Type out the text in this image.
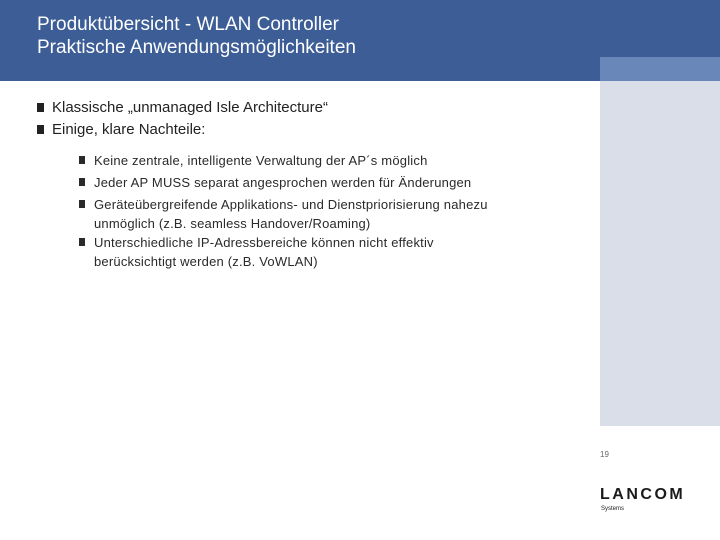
Produktübersicht - WLAN Controller
Praktische Anwendungsmöglichkeiten
Klassische „unmanaged Isle Architecture“
Einige, klare Nachteile:
Keine zentrale, intelligente Verwaltung der AP´s möglich
Jeder AP MUSS separat angesprochen werden für Änderungen
Geräteübergreifende Applikations- und Dienstpriorisierung nahezu
unmöglich (z.B. seamless Handover/Roaming)
Unterschiedliche IP-Adressbereiche können nicht effektiv
berücksichtigt werden (z.B. VoWLAN)
19
LANCOM
Systems
